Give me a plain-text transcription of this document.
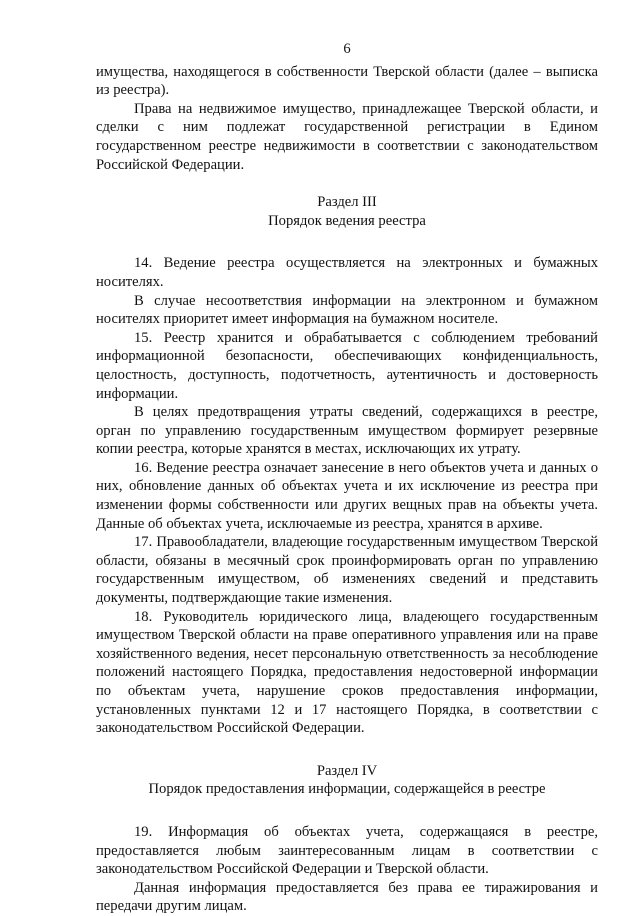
6

имущества, находящегося в собственности Тверской области (далее – выписка из реестра).

Права на недвижимое имущество, принадлежащее Тверской области, и сделки с ним подлежат государственной регистрации в Едином государственном реестре недвижимости в соответствии с законодательством Российской Федерации.

Раздел III
Порядок ведения реестра

14. Ведение реестра осуществляется на электронных и бумажных носителях.

В случае несоответствия информации на электронном и бумажном носителях приоритет имеет информация на бумажном носителе.

15. Реестр хранится и обрабатывается с соблюдением требований информационной безопасности, обеспечивающих конфиденциальность, целостность, доступность, подотчетность, аутентичность и достоверность информации.

В целях предотвращения утраты сведений, содержащихся в реестре, орган по управлению государственным имуществом формирует резервные копии реестра, которые хранятся в местах, исключающих их утрату.

16. Ведение реестра означает занесение в него объектов учета и данных о них, обновление данных об объектах учета и их исключение из реестра при изменении формы собственности или других вещных прав на объекты учета. Данные об объектах учета, исключаемые из реестра, хранятся в архиве.

17. Правообладатели, владеющие государственным имуществом Тверской области, обязаны в месячный срок проинформировать орган по управлению государственным имуществом, об изменениях сведений и представить документы, подтверждающие такие изменения.

18. Руководитель юридического лица, владеющего государственным имуществом Тверской области на праве оперативного управления или на праве хозяйственного ведения, несет персональную ответственность за несоблюдение положений настоящего Порядка, предоставления недостоверной информации по объектам учета, нарушение сроков предоставления информации, установленных пунктами 12 и 17 настоящего Порядка, в соответствии с законодательством Российской Федерации.

Раздел IV
Порядок предоставления информации, содержащейся в реестре

19. Информация об объектах учета, содержащаяся в реестре, предоставляется любым заинтересованным лицам в соответствии с законодательством Российской Федерации и Тверской области.

Данная информация предоставляется без права ее тиражирования и передачи другим лицам.
